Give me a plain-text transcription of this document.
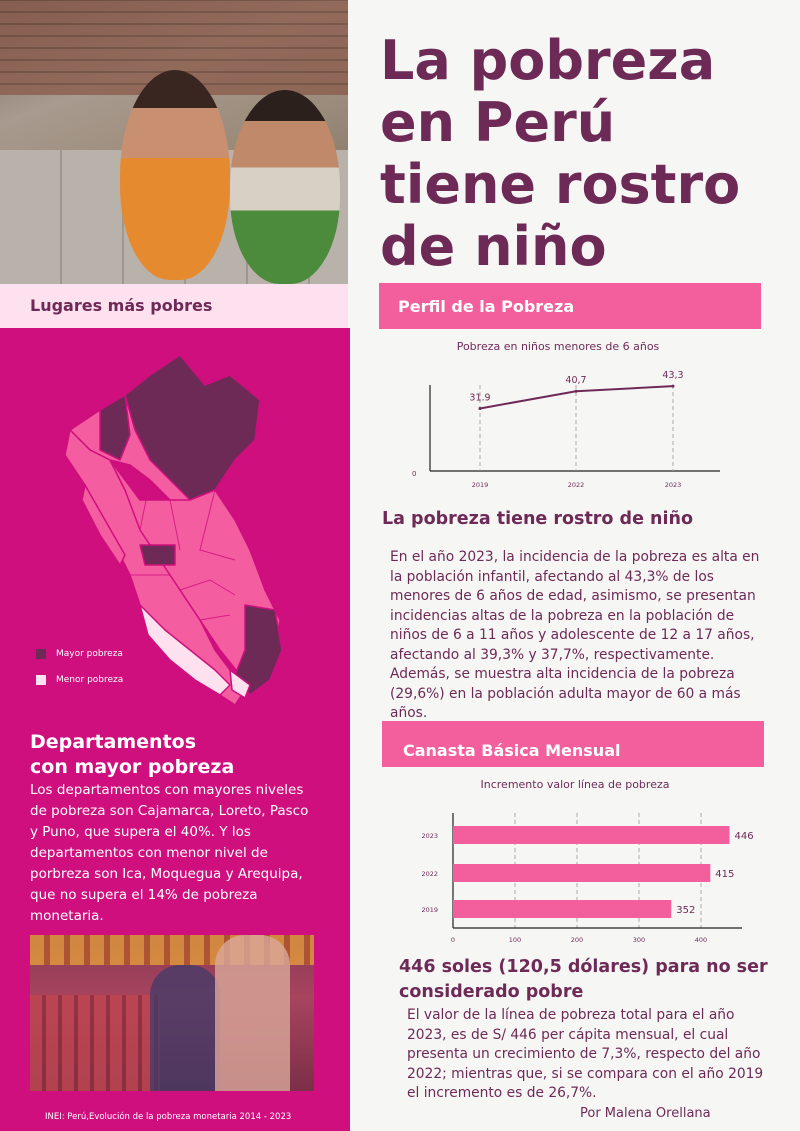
Lugares más pobres
Mayor pobreza
Menor pobreza
Departamentos
con mayor pobreza
Los departamentos con mayores niveles de pobreza son Cajamarca, Loreto, Pasco y Puno, que supera el 40%. Y los departamentos con menor nivel de porbreza son Ica, Moquegua y Arequipa, que no supera el 14% de pobreza monetaria.
INEI: Perú,Evolución de la pobreza monetaria 2014 - 2023
La pobreza
en Perú
tiene rostro
de niño
Perfil de la Pobreza
Pobreza en niños menores de 6 años
0
2019	2022	2023
31.9
40,7	43,3
La pobreza tiene rostro de niño
En el año 2023, la incidencia de la pobreza es alta en la población infantil, afectando al 43,3% de los menores de 6 años de edad, asimismo, se presentan incidencias altas de la pobreza en la población de niños de 6 a 11 años y adolescente de 12 a 17 años, afectando al 39,3% y 37,7%, respectivamente. Además, se muestra alta incidencia de la pobreza (29,6%) en la población adulta mayor de 60 a más años.
Canasta Básica Mensual
Incremento valor línea de pobreza
0	100	200	300	400
2023	446
2022	415
2019	352
446 soles (120,5 dólares) para no ser
considerado pobre
El valor de la línea de pobreza total para el año 2023, es de S/ 446 per cápita mensual, el cual presenta un crecimiento de 7,3%, respecto del año 2022; mientras que, si se compara con el año 2019 el incremento es de 26,7%.
Por Malena Orellana
